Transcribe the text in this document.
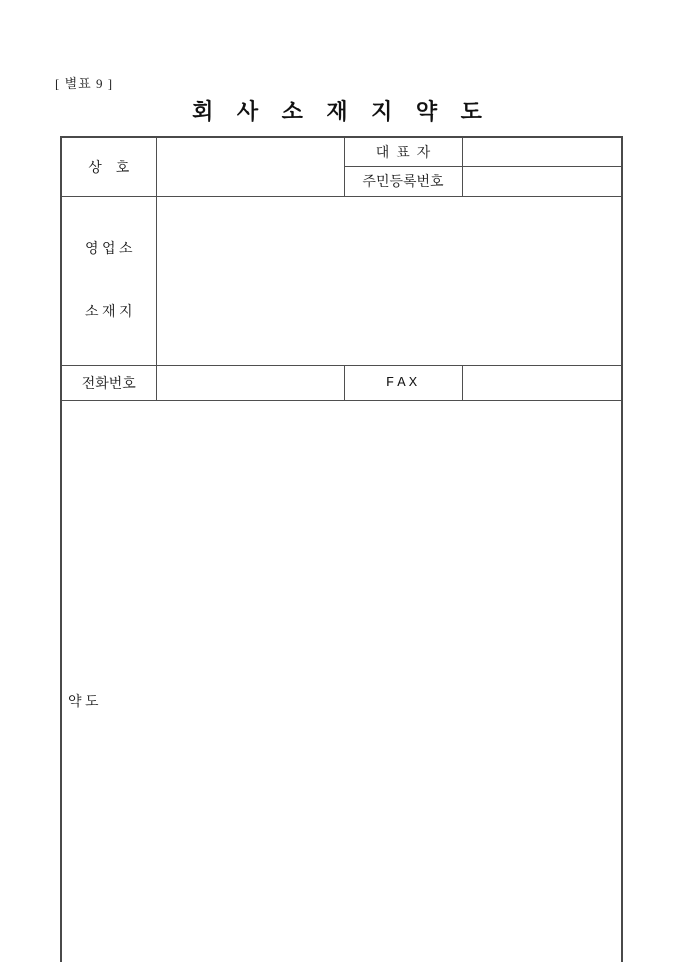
[ 별표 9 ]
회 사 소 재 지 약 도
상    호		대  표  자	
		주민등록번호	

영 업 소

소 재 지			

전화번호		FAX	
약 도			
